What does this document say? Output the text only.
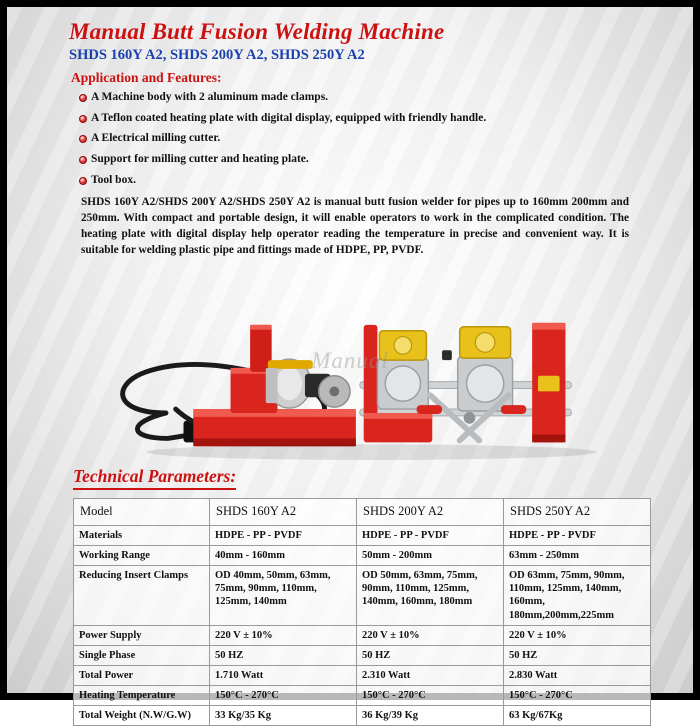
Manual Butt Fusion Welding Machine
SHDS 160Y A2, SHDS 200Y A2, SHDS 250Y A2
Application and Features:
A Machine body with 2 aluminum made clamps.
A Teflon coated heating plate with digital display, equipped with friendly handle.
A Electrical milling cutter.
Support for milling cutter and heating plate.
Tool box.

SHDS 160Y A2/SHDS 200Y A2/SHDS 250Y A2 is manual butt fusion welder for pipes up to 160mm 200mm and 250mm. With compact and portable design, it will enable operators to work in the complicated condition. The heating plate with digital display help operator reading the temperature in precise and convenient way. It is suitable for welding plastic pipe and fittings made of HDPE, PP, PVDF.

Manual
Technical Parameters:
Model	SHDS 160Y A2	SHDS 200Y A2	SHDS 250Y A2
Materials	HDPE - PP - PVDF	HDPE - PP - PVDF	HDPE - PP - PVDF
Working Range	40mm - 160mm	50mm - 200mm	63mm - 250mm
Reducing Insert Clamps	OD 40mm, 50mm, 63mm, 75mm, 90mm, 110mm, 125mm, 140mm	OD 50mm, 63mm, 75mm, 90mm, 110mm, 125mm, 140mm, 160mm, 180mm	OD 63mm, 75mm, 90mm, 110mm, 125mm, 140mm, 160mm, 180mm,200mm,225mm
Power Supply	220 V ± 10%	220 V ± 10%	220 V ± 10%
Single Phase	50 HZ	50 HZ	50 HZ
Total Power	1.710 Watt	2.310 Watt	2.830 Watt
Heating Temperature	150°C - 270°C	150°C - 270°C	150°C - 270°C
Total Weight (N.W/G.W)	33 Kg/35 Kg	36 Kg/39 Kg	63 Kg/67Kg
